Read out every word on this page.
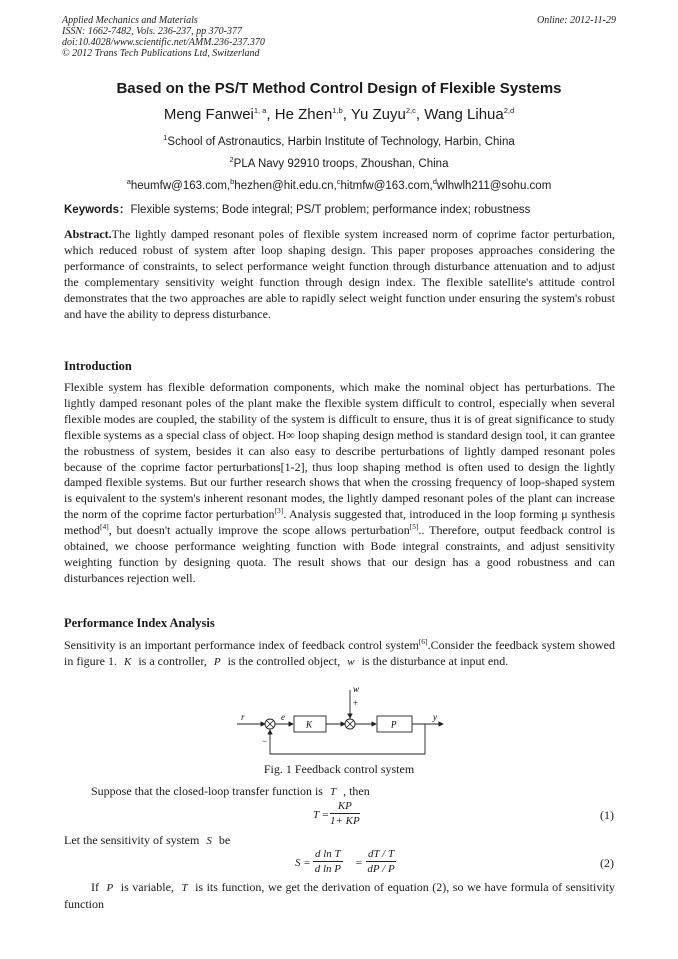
Applied Mechanics and Materials
ISSN: 1662-7482, Vols. 236-237, pp 370-377
doi:10.4028/www.scientific.net/AMM.236-237.370
© 2012 Trans Tech Publications Ltd, Switzerland
Online: 2012-11-29
Based on the PS/T Method Control Design of Flexible Systems
Meng Fanwei$^{1, a}$, He Zhen$^{1,b}$, Yu Zuyu$^{2,c}$, Wang Lihua$^{2,d}$
$^1$School of Astronautics, Harbin Institute of Technology, Harbin, China
$^2$PLA Navy 92910 troops, Zhoushan, China
$^a$heumfw@163.com,$^b$hezhen@hit.edu.cn,$^c$hitmfw@163.com,$^d$wlhwlh211@sohu.com
Keywords：Flexible systems; Bode integral; PS/T problem; performance index; robustness

Abstract.The lightly damped resonant poles of flexible system increased norm of coprime factor perturbation, which reduced robust of system after loop shaping design. This paper proposes approaches considering the performance of constraints, to select performance weight function through disturbance attenuation and to adjust the complementary sensitivity weight function through design index. The flexible satellite's attitude control demonstrates that the two approaches are able to rapidly select weight function under ensuring the system's robust and have the ability to depress disturbance.

Introduction

Flexible system has flexible deformation components, which make the nominal object has perturbations. The lightly damped resonant poles of the plant make the flexible system difficult to control, especially when several flexible modes are coupled, the stability of the system is difficult to ensure, thus it is of great significance to study flexible systems as a special class of object. H∞ loop shaping design method is standard design tool, it can grantee the robustness of system, besides it can also easy to describe perturbations of lightly damped resonant poles because of the coprime factor perturbations[1-2], thus loop shaping method is often used to design the lightly damped flexible systems. But our further research shows that when the crossing frequency of loop-shaped system is equivalent to the system's inherent resonant modes, the lightly damped resonant poles of the plant can increase the norm of the coprime factor perturbation[3]. Analysis suggested that, introduced in the loop forming μ synthesis method[4], but doesn't actually improve the scope allows perturbation[5].. Therefore, output feedback control is obtained, we choose performance weighting function with Bode integral constraints, and adjust sensitivity weighting function by designing quota. The result shows that our design has a good robustness and can disturbances rejection well.

Performance Index Analysis

Sensitivity is an important performance index of feedback control system[6].Consider the feedback system showed in figure 1. K is a controller, P is the controlled object, w is the disturbance at input end.

r	e
K
w
+
P
y
−
Fig. 1 Feedback control system

Suppose that the closed-loop transfer function is T , then

$T = \frac{KP}{1+ KP}$	(1)

Let the sensitivity of system S be

$S = \frac{\text{d ln T}}{\text{d ln P}} = \frac{dT / T}{dP / P}$	(2)

If P is variable, T is its function, we get the derivation of equation (2), so we have formula of sensitivity function
